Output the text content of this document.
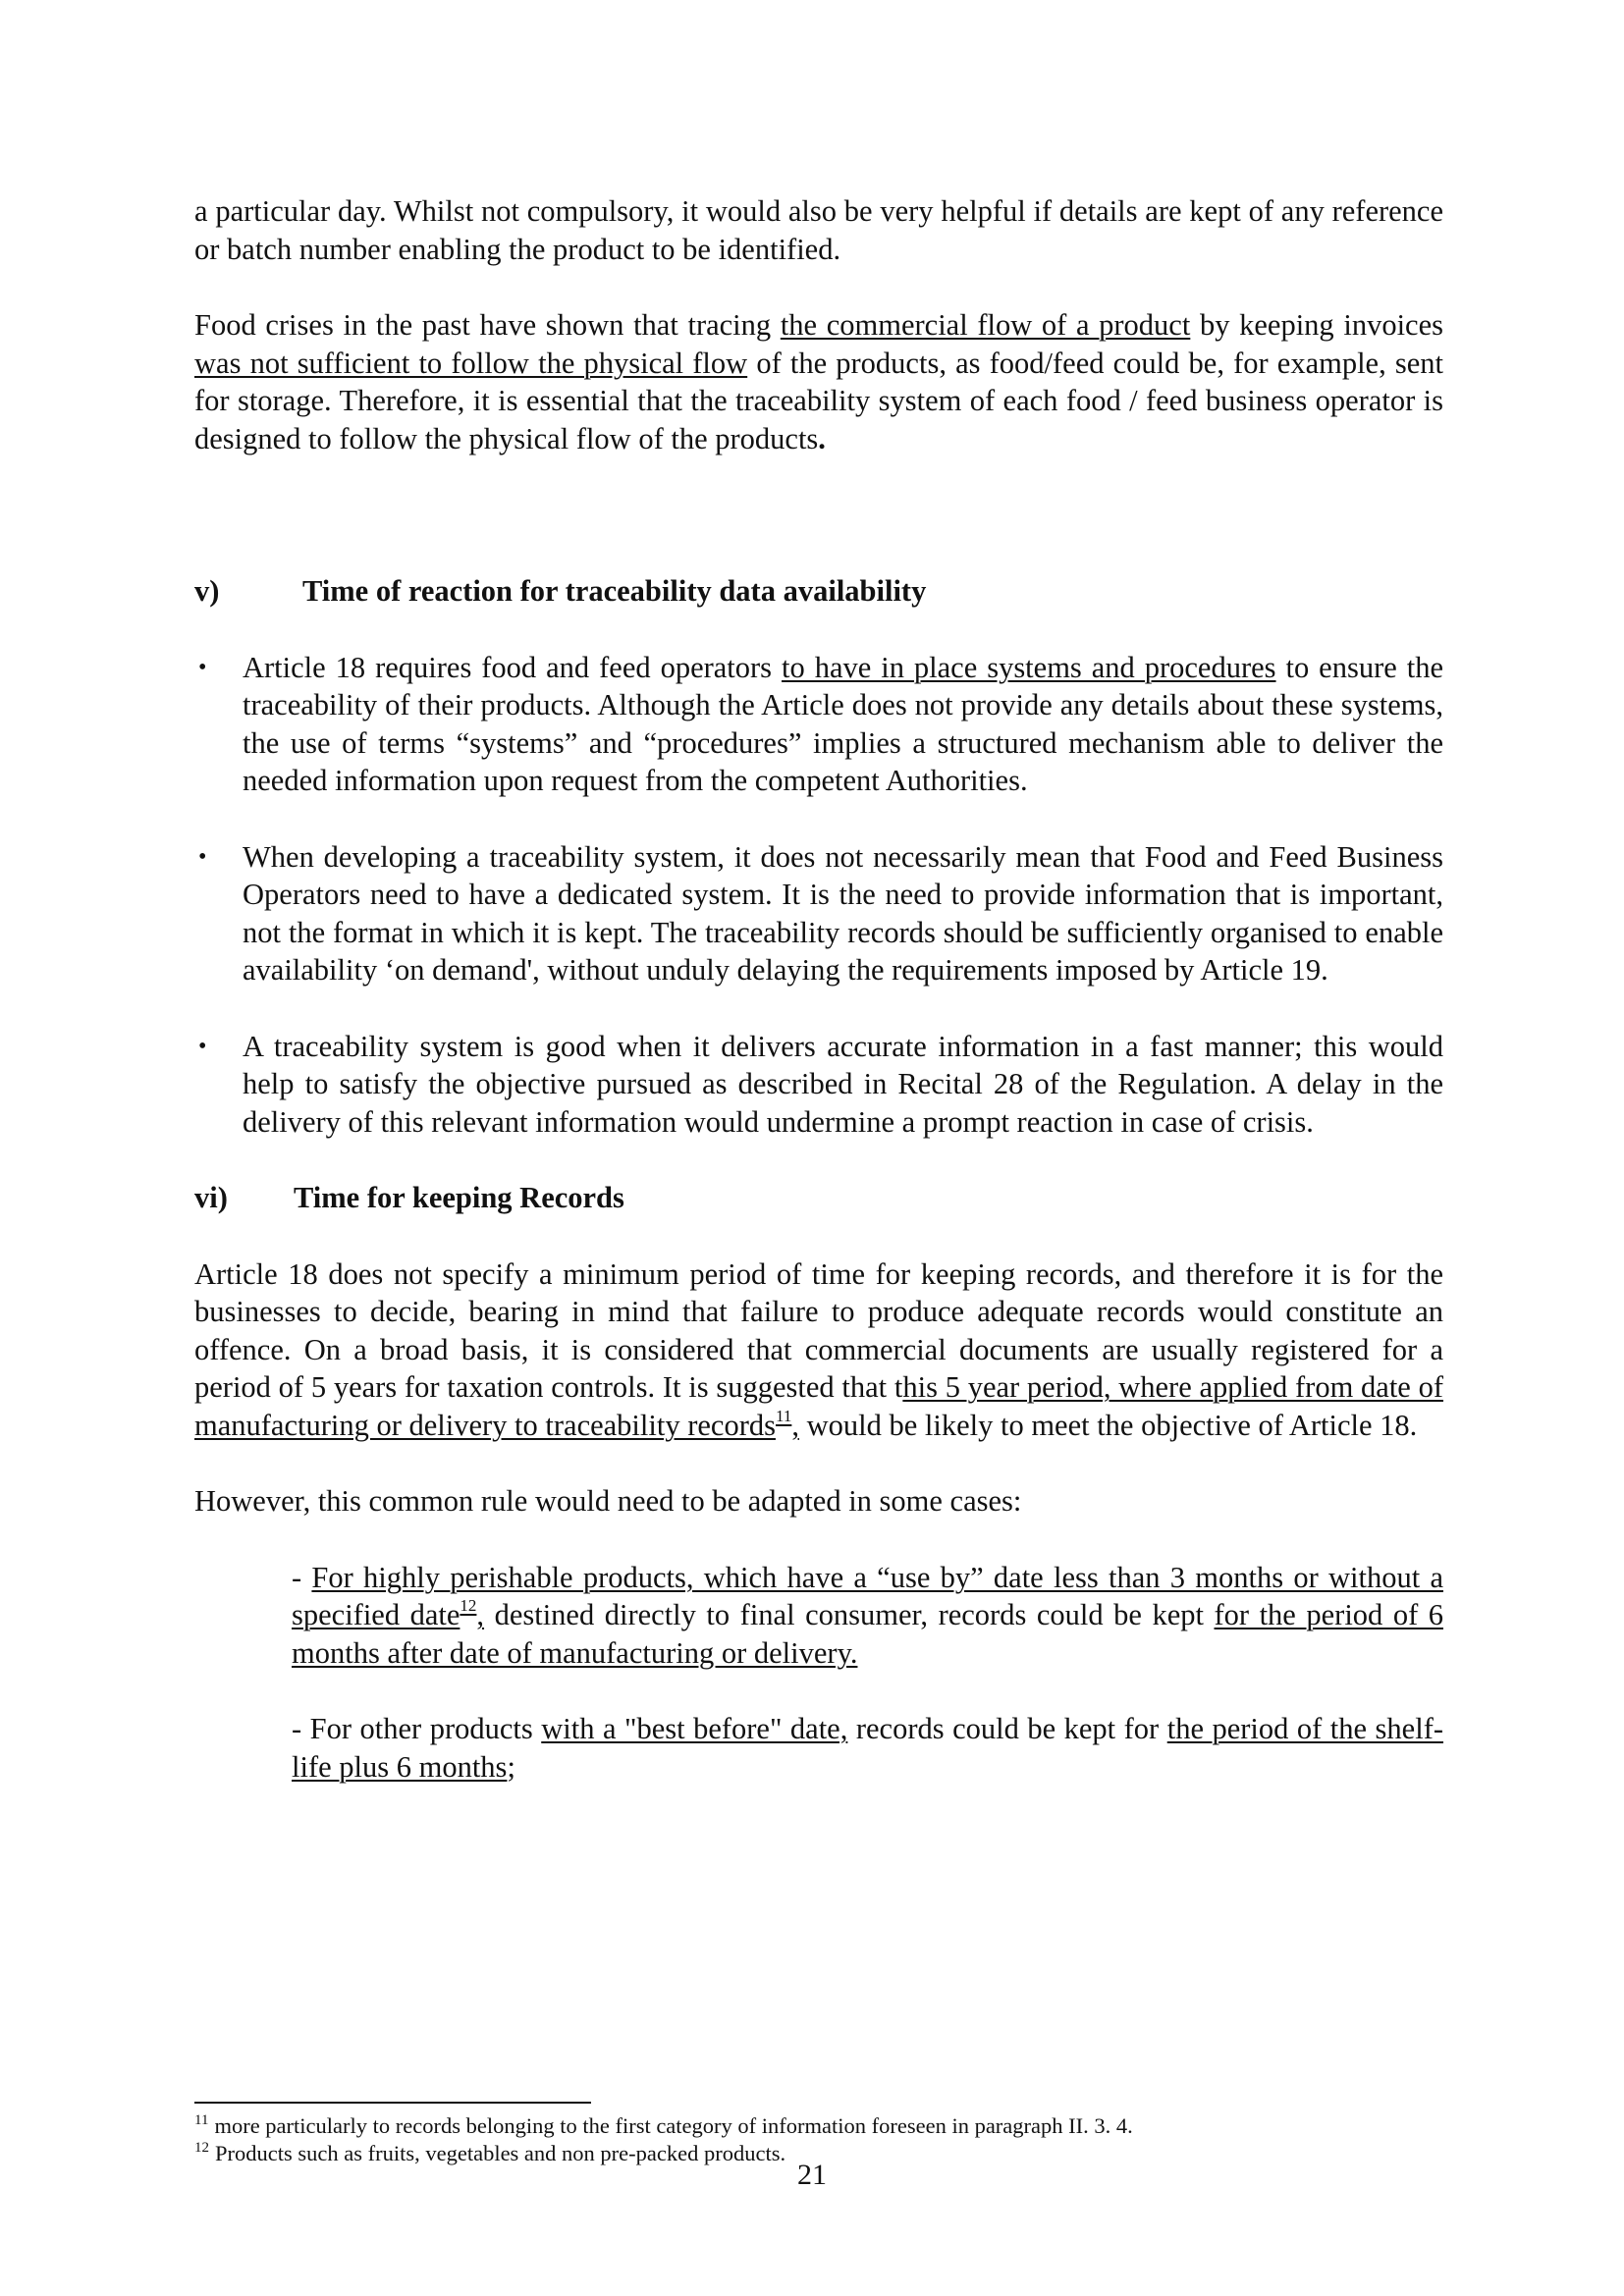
a particular day. Whilst not compulsory, it would also be very helpful if details are kept of any reference or batch number enabling the product to be identified.

Food crises in the past have shown that tracing the commercial flow of a product by keeping invoices was not sufficient to follow the physical flow of the products, as food/feed could be, for example, sent for storage. Therefore, it is essential that the traceability system of each food / feed business operator is designed to follow the physical flow of the products.

v)	Time of reaction for traceability data availability
• Article 18 requires food and feed operators to have in place systems and procedures to ensure the traceability of their products. Although the Article does not provide any details about these systems, the use of terms “systems” and “procedures” implies a structured mechanism able to deliver the needed information upon request from the competent Authorities.
• When developing a traceability system, it does not necessarily mean that Food and Feed Business Operators need to have a dedicated system. It is the need to provide information that is important, not the format in which it is kept. The traceability records should be sufficiently organised to enable availability ‘on demand', without unduly delaying the requirements imposed by Article 19.
• A traceability system is good when it delivers accurate information in a fast manner; this would help to satisfy the objective pursued as described in Recital 28 of the Regulation. A delay in the delivery of this relevant information would undermine a prompt reaction in case of crisis.
vi)	Time for keeping Records

Article 18 does not specify a minimum period of time for keeping records, and therefore it is for the businesses to decide, bearing in mind that failure to produce adequate records would constitute an offence. On a broad basis, it is considered that commercial documents are usually registered for a period of 5 years for taxation controls. It is suggested that this 5 year period, where applied from date of manufacturing or delivery to traceability records$^{11}$, would be likely to meet the objective of Article 18.

However, this common rule would need to be adapted in some cases:

- For highly perishable products, which have a “use by” date less than 3 months or without a specified date$^{12}$, destined directly to final consumer, records could be kept for the period of 6 months after date of manufacturing or delivery.

- For other products with a "best before" date, records could be kept for the period of the shelf-life plus 6 months;

$^{11}$ more particularly to records belonging to the first category of information foreseen in paragraph II. 3. 4.
$^{12}$ Products such as fruits, vegetables and non pre-packed products.
21
